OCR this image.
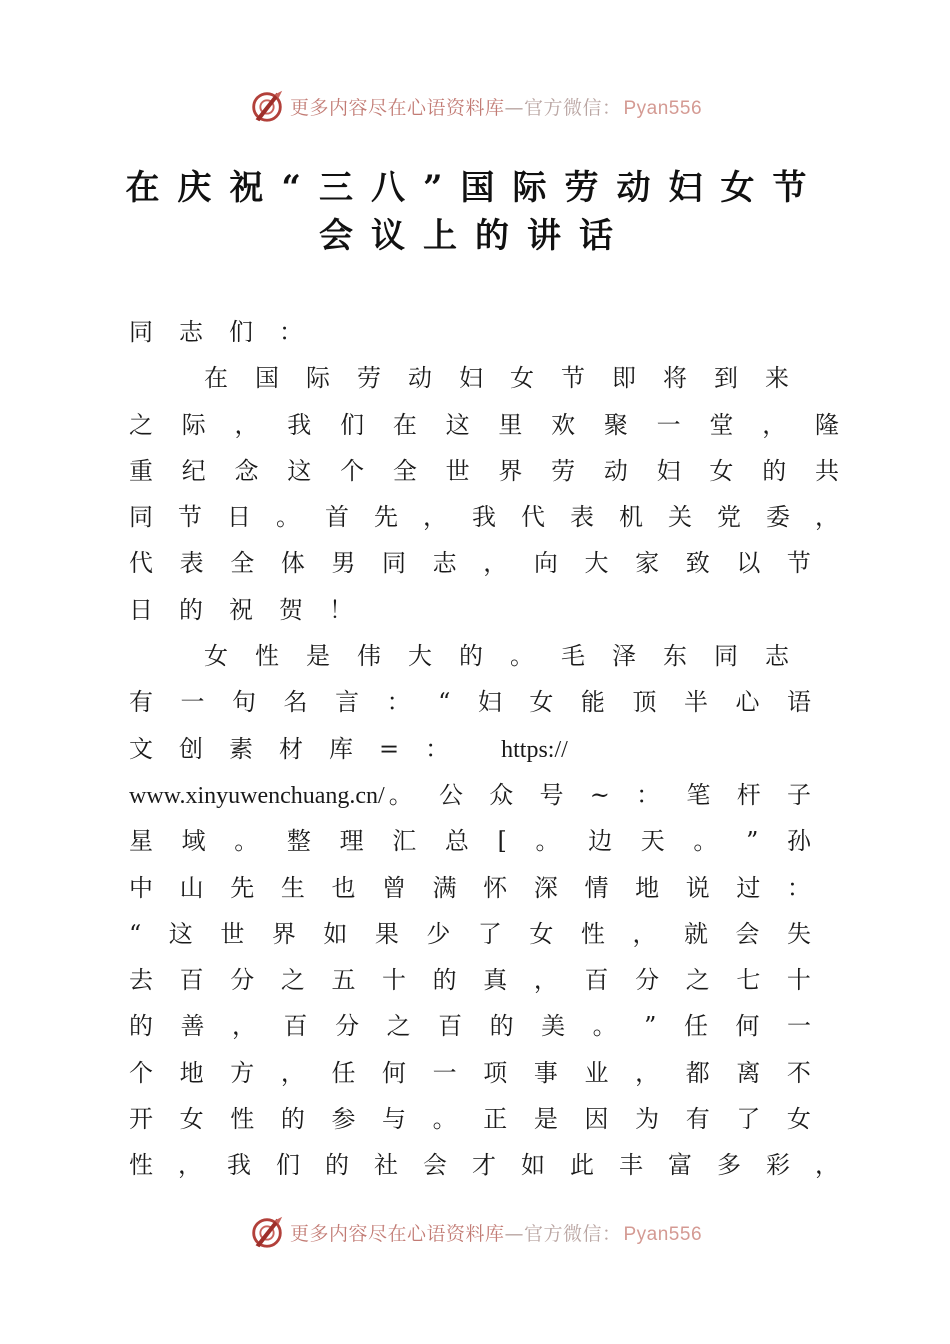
更多内容尽在心语资料库—官方微信： Pyan556
在庆祝“三八”国际劳动妇女节
会议上的讲话
同 志 们 ：
在 国 际 劳 动 妇 女 节 即 将 到 来
之 际 ， 我 们 在 这 里 欢 聚 一 堂 ， 隆
重 纪 念 这 个 全 世 界 劳 动 妇 女 的 共
同 节 日 。 首 先 ， 我 代 表 机 关 党 委 ，
代 表 全 体 男 同 志 ， 向 大 家 致 以 节
日 的 祝 贺 ！
女 性 是 伟 大 的 。 毛 泽 东 同 志
有 一 句 名 言 ： “ 妇 女 能 顶 半 心 语
文 创 素 材 库 = ：	https://
www.xinyuwenchuang.cn/ 。 公 众 号 ~ ： 笔 杆 子
星 域 。 整 理 汇 总 [ 。 边 天 。 ” 孙
中 山 先 生 也 曾 满 怀 深 情 地 说 过 ：
“ 这 世 界 如 果 少 了 女 性 ， 就 会 失
去 百 分 之 五 十 的 真 ， 百 分 之 七 十
的 善 ， 百 分 之 百 的 美 。 ” 任 何 一
个 地 方 ， 任 何 一 项 事 业 ， 都 离 不
开 女 性 的 参 与 。 正 是 因 为 有 了 女
性 ， 我 们 的 社 会 才 如 此 丰 富 多 彩 ，
更多内容尽在心语资料库—官方微信： Pyan556
